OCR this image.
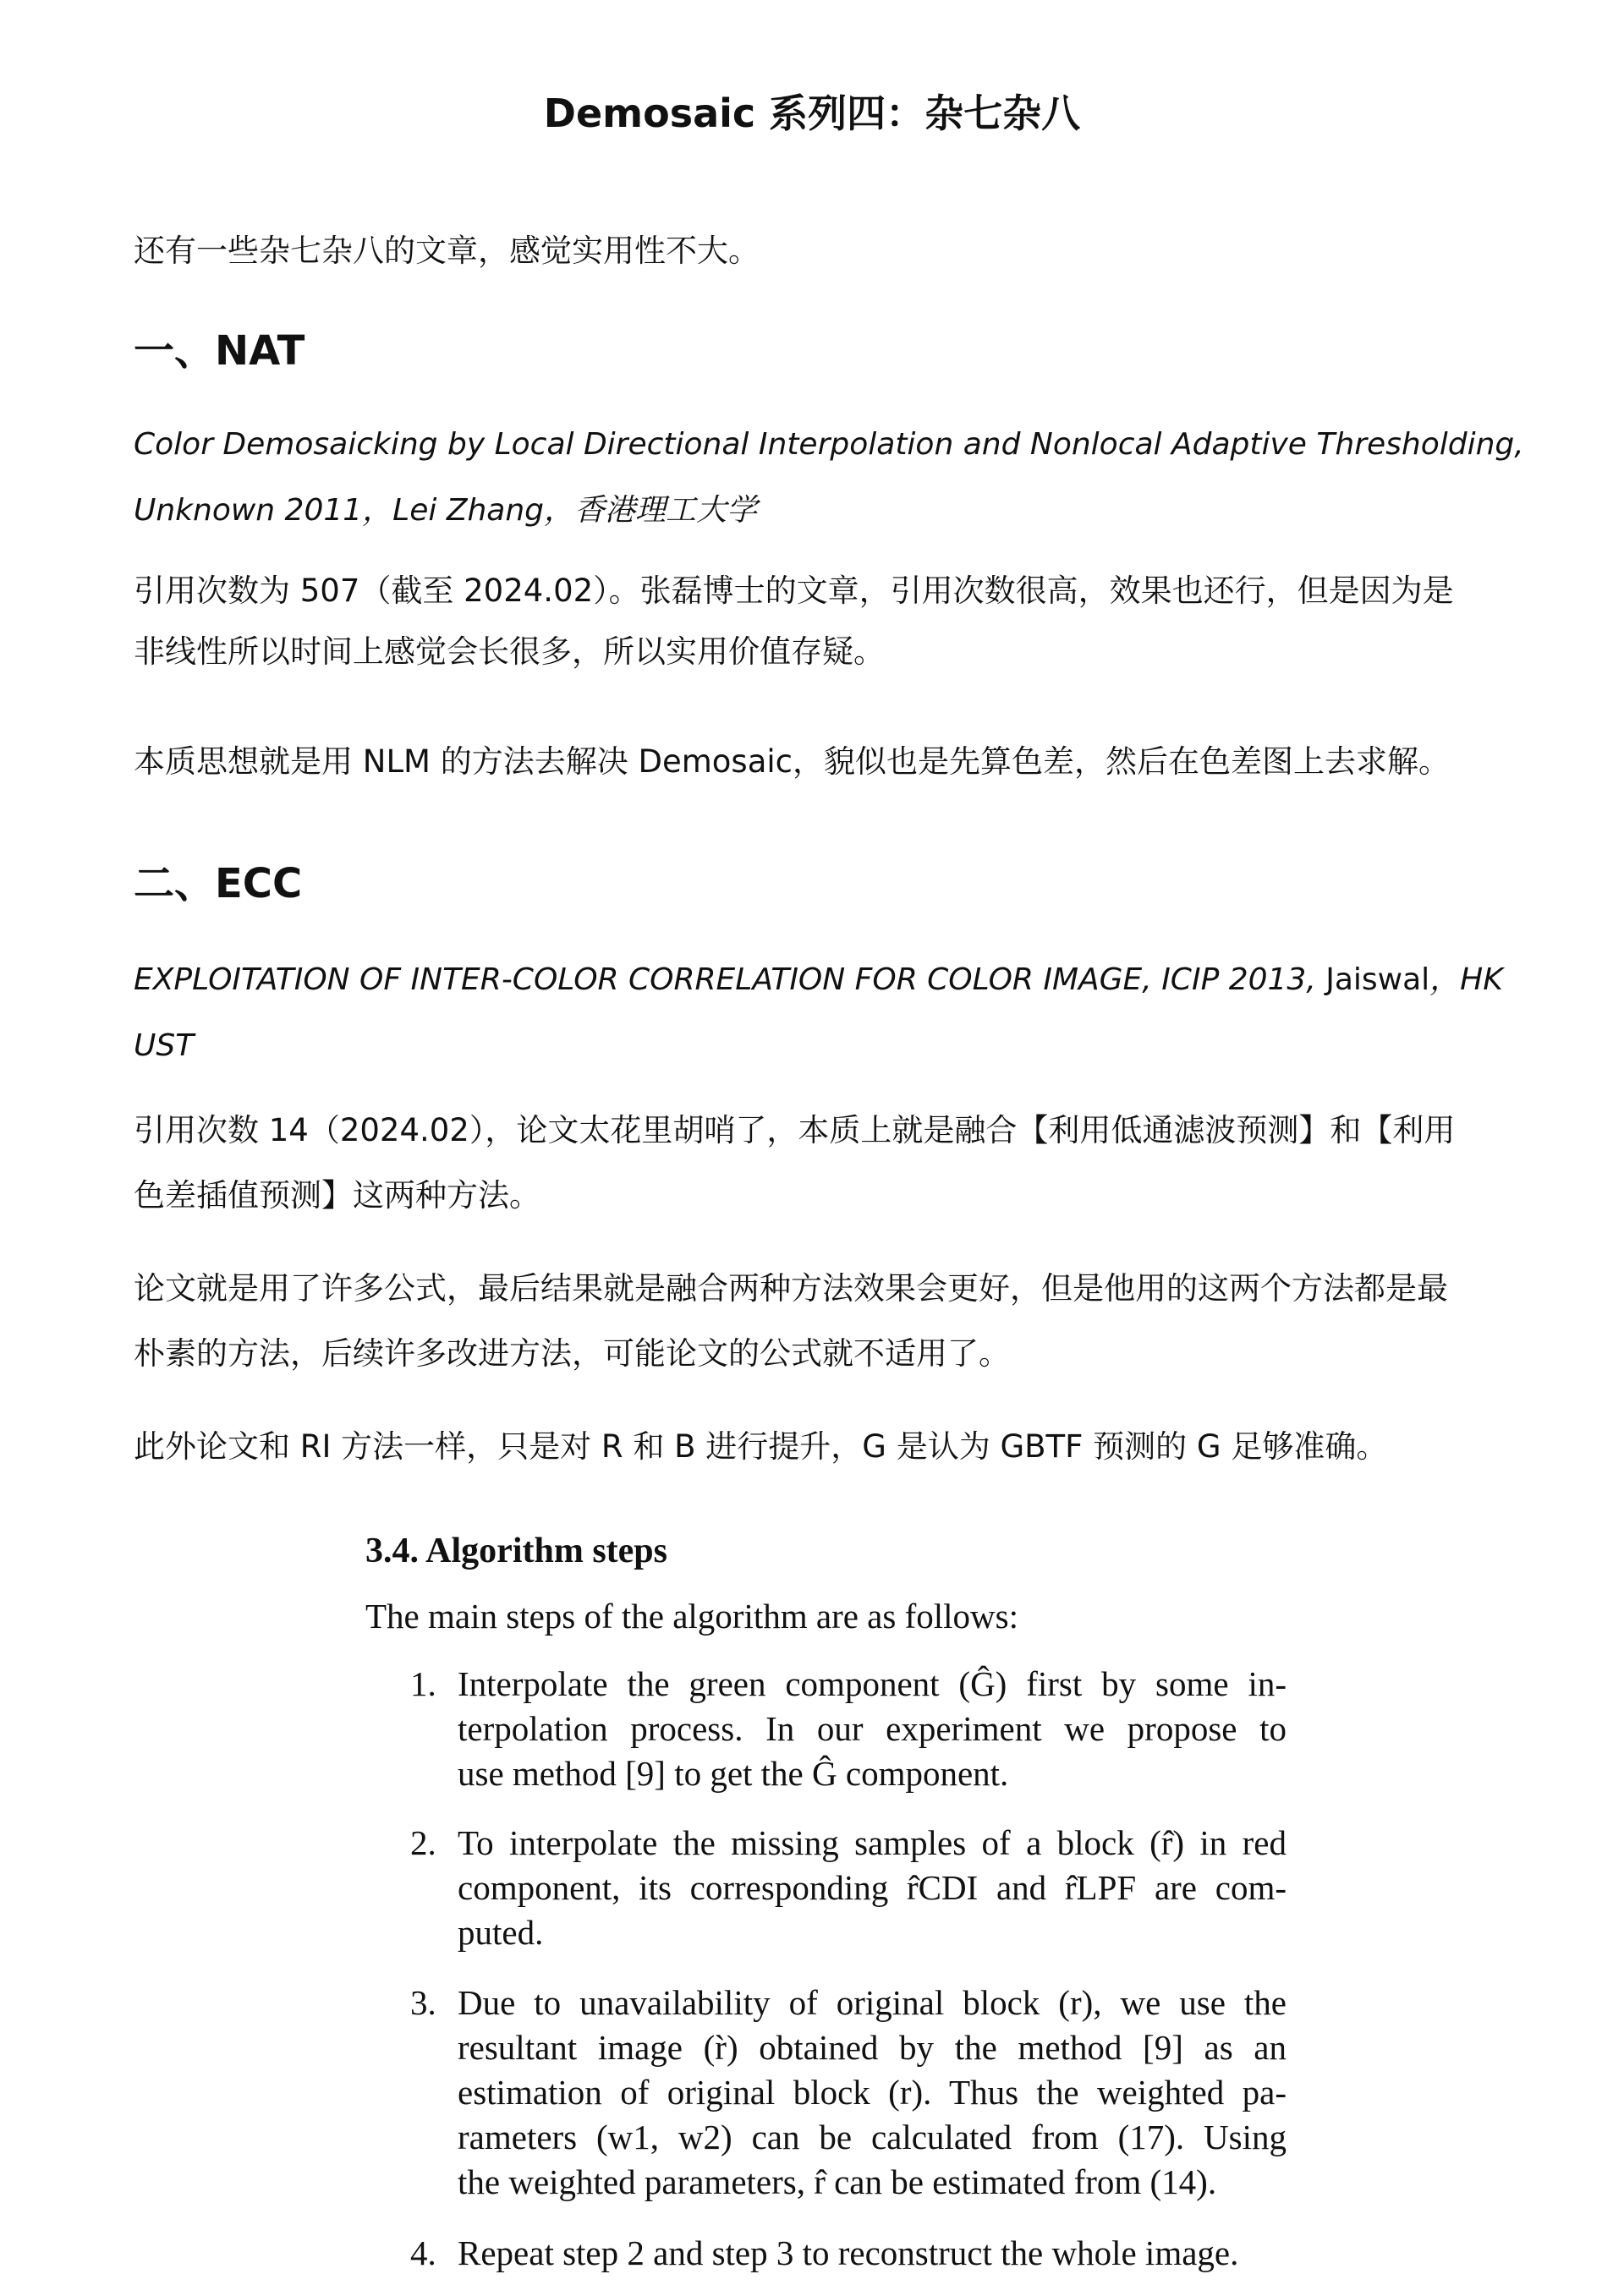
Demosaic 系列四：杂七杂八

还有一些杂七杂八的文章，感觉实用性不大。

一、NAT

Color Demosaicking by Local Directional Interpolation and Nonlocal Adaptive Thresholding,

Unknown 2011，Lei Zhang，香港理工大学

引用次数为 507（截至 2024.02）。张磊博士的文章，引用次数很高，效果也还行，但是因为是

非线性所以时间上感觉会长很多，所以实用价值存疑。

本质思想就是用 NLM 的方法去解决 Demosaic，貌似也是先算色差，然后在色差图上去求解。

二、ECC

EXPLOITATION OF INTER-COLOR CORRELATION FOR COLOR IMAGE, ICIP 2013, Jaiswal，HK

UST

引用次数 14（2024.02），论文太花里胡哨了，本质上就是融合【利用低通滤波预测】和【利用

色差插值预测】这两种方法。

论文就是用了许多公式，最后结果就是融合两种方法效果会更好，但是他用的这两个方法都是最

朴素的方法，后续许多改进方法，可能论文的公式就不适用了。

此外论文和 RI 方法一样，只是对 R 和 B 进行提升，G 是认为 GBTF 预测的 G 足够准确。

3.4. Algorithm steps
The main steps of the algorithm are as follows:
1. Interpolate the green component (Ĝ) first by some in-
terpolation process. In our experiment we propose to
use method [9] to get the Ĝ component.
2. To interpolate the missing samples of a block (r̂) in red
component, its corresponding r̂CDI and r̂LPF are com-
puted.
3. Due to unavailability of original block (r), we use the
resultant image (r̀) obtained by the method [9] as an
estimation of original block (r). Thus the weighted pa-
rameters (w1, w2) can be calculated from (17). Using
the weighted parameters, r̂ can be estimated from (14).
4. Repeat step 2 and step 3 to reconstruct the whole image.
